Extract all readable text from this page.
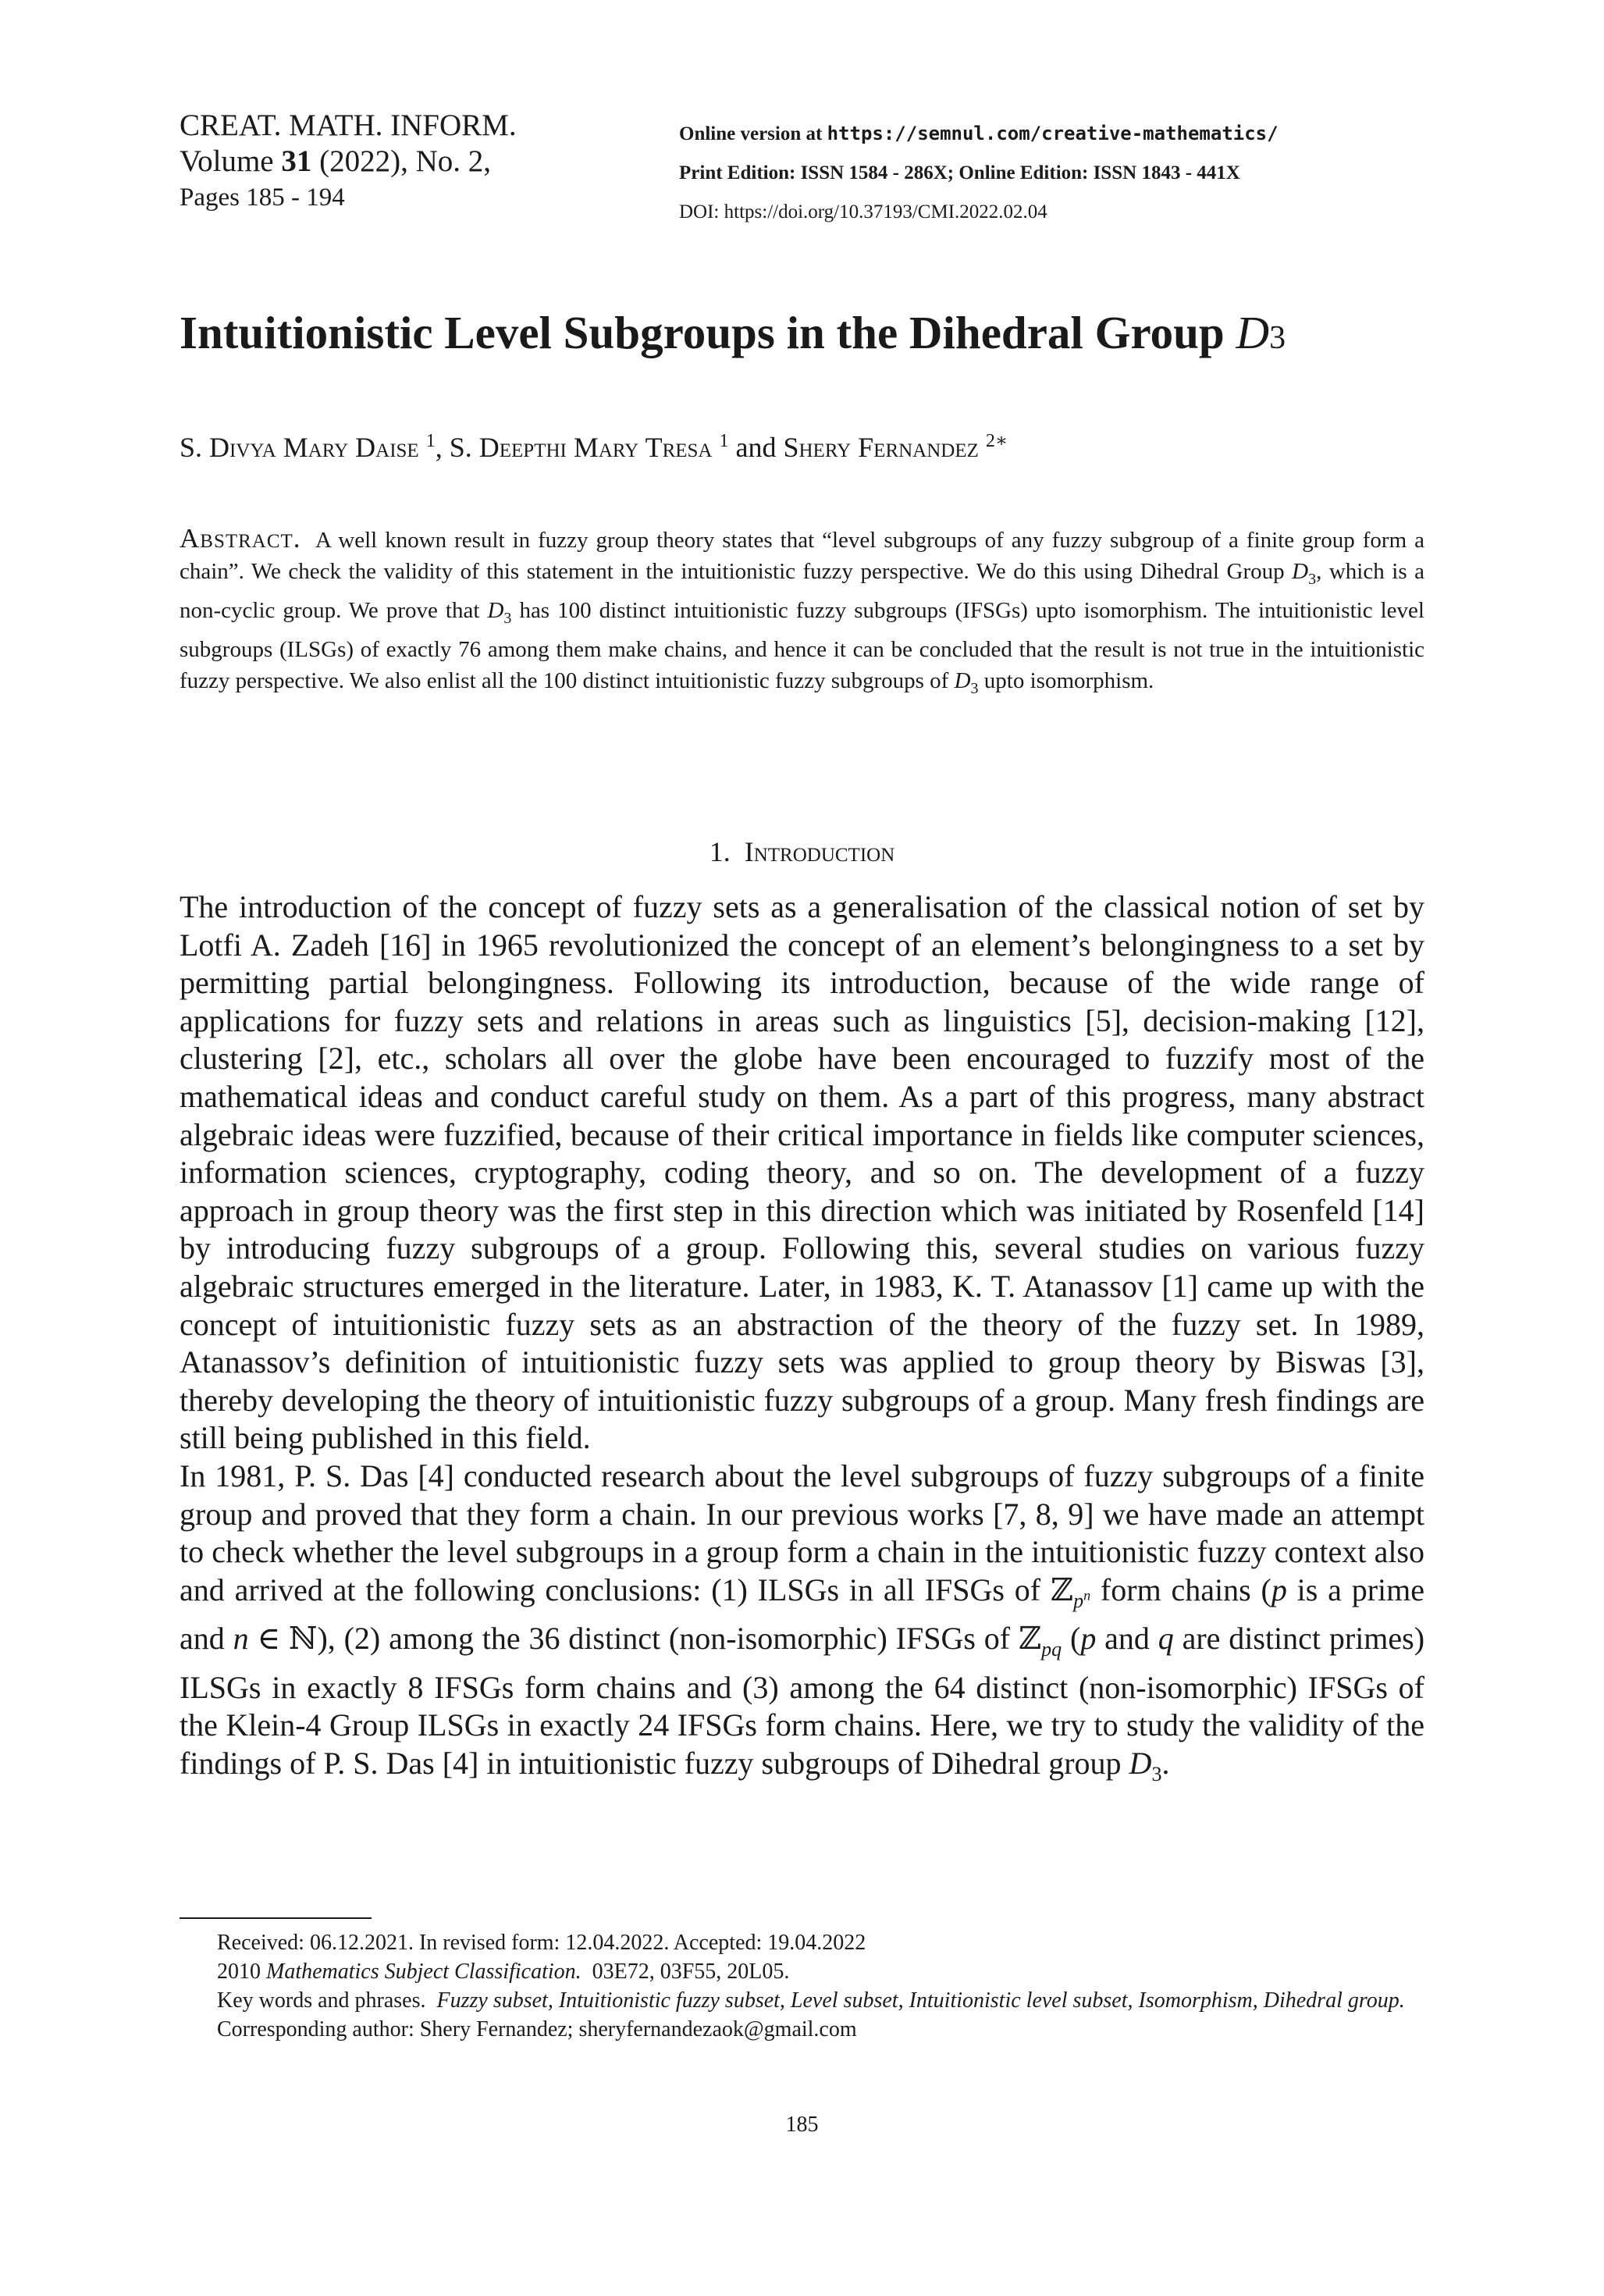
CREAT. MATH. INFORM.
Volume 31 (2022), No. 2,
Pages 185 - 194
Online version at https://semnul.com/creative-mathematics/
Print Edition: ISSN 1584 - 286X; Online Edition: ISSN 1843 - 441X
DOI: https://doi.org/10.37193/CMI.2022.02.04
Intuitionistic Level Subgroups in the Dihedral Group D3
S. Divya Mary Daise $^1$, S. Deepthi Mary Tresa $^1$ and Shery Fernandez $^{2∗}$
Abstract. A well known result in fuzzy group theory states that “level subgroups of any fuzzy subgroup of a finite group form a chain”. We check the validity of this statement in the intuitionistic fuzzy perspective. We do this using Dihedral Group $D_3$, which is a non-cyclic group. We prove that $D_3$ has 100 distinct intuitionistic fuzzy subgroups (IFSGs) upto isomorphism. The intuitionistic level subgroups (ILSGs) of exactly 76 among them make chains, and hence it can be concluded that the result is not true in the intuitionistic fuzzy perspective. We also enlist all the 100 distinct intuitionistic fuzzy subgroups of $D_3$ upto isomorphism.
1. Introduction

The introduction of the concept of fuzzy sets as a generalisation of the classical notion of set by Lotfi A. Zadeh [16] in 1965 revolutionized the concept of an element’s belongingness to a set by permitting partial belongingness. Following its introduction, because of the wide range of applications for fuzzy sets and relations in areas such as linguistics [5], decision-making [12], clustering [2], etc., scholars all over the globe have been encouraged to fuzzify most of the mathematical ideas and conduct careful study on them. As a part of this progress, many abstract algebraic ideas were fuzzified, because of their critical importance in fields like computer sciences, information sciences, cryptography, coding theory, and so on. The development of a fuzzy approach in group theory was the first step in this direction which was initiated by Rosenfeld [14] by introducing fuzzy subgroups of a group. Following this, several studies on various fuzzy algebraic structures emerged in the literature. Later, in 1983, K. T. Atanassov [1] came up with the concept of intuitionistic fuzzy sets as an abstraction of the theory of the fuzzy set. In 1989, Atanassov’s definition of intuitionistic fuzzy sets was applied to group theory by Biswas [3], thereby developing the theory of intuitionistic fuzzy subgroups of a group. Many fresh findings are still being published in this field.

In 1981, P. S. Das [4] conducted research about the level subgroups of fuzzy subgroups of a finite group and proved that they form a chain. In our previous works [7, 8, 9] we have made an attempt to check whether the level subgroups in a group form a chain in the intuitionistic fuzzy context also and arrived at the following conclusions: (1) ILSGs in all IFSGs of ℤ$_{p^n}$ form chains (p is a prime and n ∈ ℕ), (2) among the 36 distinct (non-isomorphic) IFSGs of ℤ$_{pq}$ (p and q are distinct primes) ILSGs in exactly 8 IFSGs form chains and (3) among the 64 distinct (non-isomorphic) IFSGs of the Klein-4 Group ILSGs in exactly 24 IFSGs form chains. Here, we try to study the validity of the findings of P. S. Das [4] in intuitionistic fuzzy subgroups of Dihedral group $D_3$.

Received: 06.12.2021. In revised form: 12.04.2022. Accepted: 19.04.2022

2010 Mathematics Subject Classification. 03E72, 03F55, 20L05.

Key words and phrases. Fuzzy subset, Intuitionistic fuzzy subset, Level subset, Intuitionistic level subset, Isomorphism, Dihedral group.

Corresponding author: Shery Fernandez; sheryfernandezaok@gmail.com

185
